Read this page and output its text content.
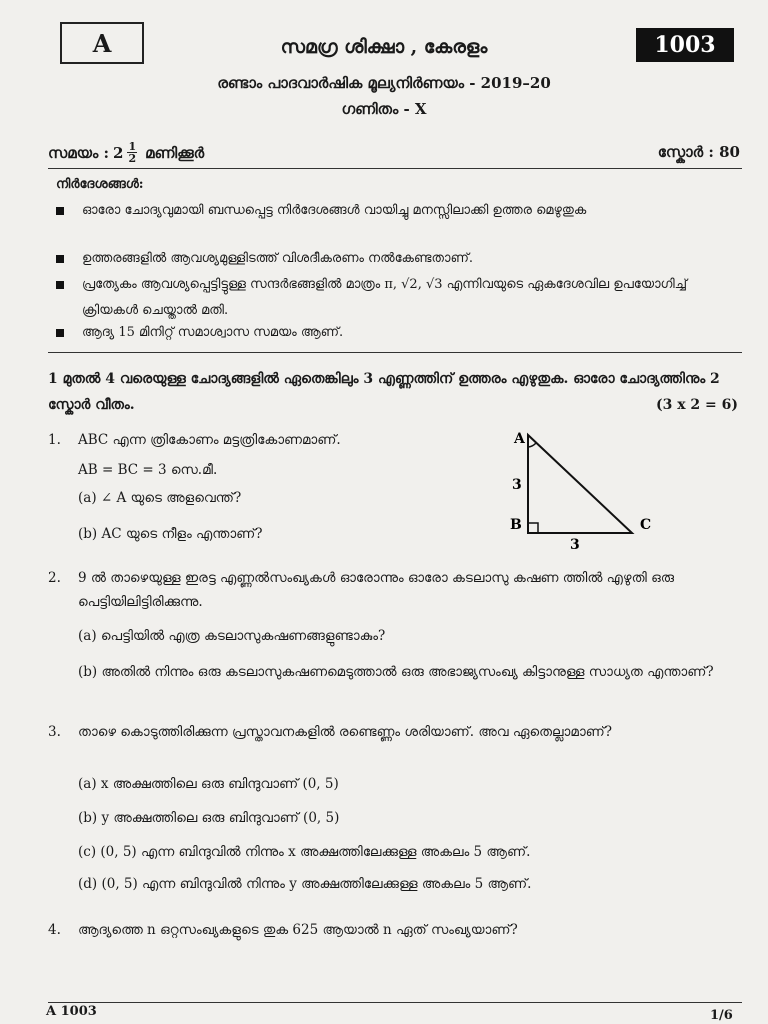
A	1003
സമഗ്ര ശിക്ഷാ , കേരളം
രണ്ടാം പാദവാർഷിക മൂല്യനിർണയം - 2019–20
ഗണിതം - X
സമയം : $2 \frac{1}{2}$ മണിക്കൂർ	സ്കോർ : 80
നിർദേശങ്ങൾ:
ഓരോ ചോദ്യവുമായി ബന്ധപ്പെട്ട നിർദേശങ്ങൾ വായിച്ചു മനസ്സിലാക്കി ഉത്തര മെഴുതുക
ഉത്തരങ്ങളിൽ ആവശ്യമുള്ളിടത്ത് വിശദീകരണം നൽകേണ്ടതാണ്.
പ്രത്യേകം ആവശ്യപ്പെട്ടിട്ടുള്ള സന്ദർഭങ്ങളിൽ മാത്രം π, √2, √3 എന്നിവയുടെ ഏകദേശവില ഉപയോഗിച്ച് ക്രിയകൾ ചെയ്താൽ മതി.
ആദ്യ 15 മിനിറ്റ് സമാശ്വാസ സമയം ആണ്.
1 മുതൽ 4 വരെയുള്ള ചോദ്യങ്ങളിൽ ഏതെങ്കിലും 3 എണ്ണത്തിന് ഉത്തരം എഴുതുക. ഓരോ ചോദ്യത്തിനും 2 സ്കോർ വീതം.	(3 x 2 = 6)
1. ABC എന്ന ത്രികോണം മട്ടത്രികോണമാണ്.
AB = BC = 3 സെ.മീ.
(a) ∠ A യുടെ അളവെന്ത്?
(b) AC യുടെ നീളം എന്താണ്?
A
B	C
3
3
2. 9 ൽ താഴെയുള്ള ഇരട്ട എണ്ണൽസംഖ്യകൾ ഓരോന്നും ഓരോ കടലാസു കഷണ ത്തിൽ എഴുതി ഒരു പെട്ടിയിലിട്ടിരിക്കുന്നു.
(a) പെട്ടിയിൽ എത്ര കടലാസുകഷണങ്ങളുണ്ടാകും?
(b) അതിൽ നിന്നും ഒരു കടലാസുകഷണമെടുത്താൽ ഒരു അഭാജ്യസംഖ്യ കിട്ടാനുള്ള സാധ്യത എന്താണ്?
3. താഴെ കൊടുത്തിരിക്കുന്ന പ്രസ്താവനകളിൽ രണ്ടെണ്ണം ശരിയാണ്. അവ ഏതെല്ലാമാണ്?
(a) x അക്ഷത്തിലെ ഒരു ബിന്ദുവാണ് (0, 5)
(b) y അക്ഷത്തിലെ ഒരു ബിന്ദുവാണ് (0, 5)
(c) (0, 5) എന്ന ബിന്ദുവിൽ നിന്നും x അക്ഷത്തിലേക്കുള്ള അകലം 5 ആണ്.
(d) (0, 5) എന്ന ബിന്ദുവിൽ നിന്നും y അക്ഷത്തിലേക്കുള്ള അകലം 5 ആണ്.
4. ആദ്യത്തെ n ഒറ്റസംഖ്യകളുടെ തുക 625 ആയാൽ n ഏത് സംഖ്യയാണ്?
A 1003	1/6
